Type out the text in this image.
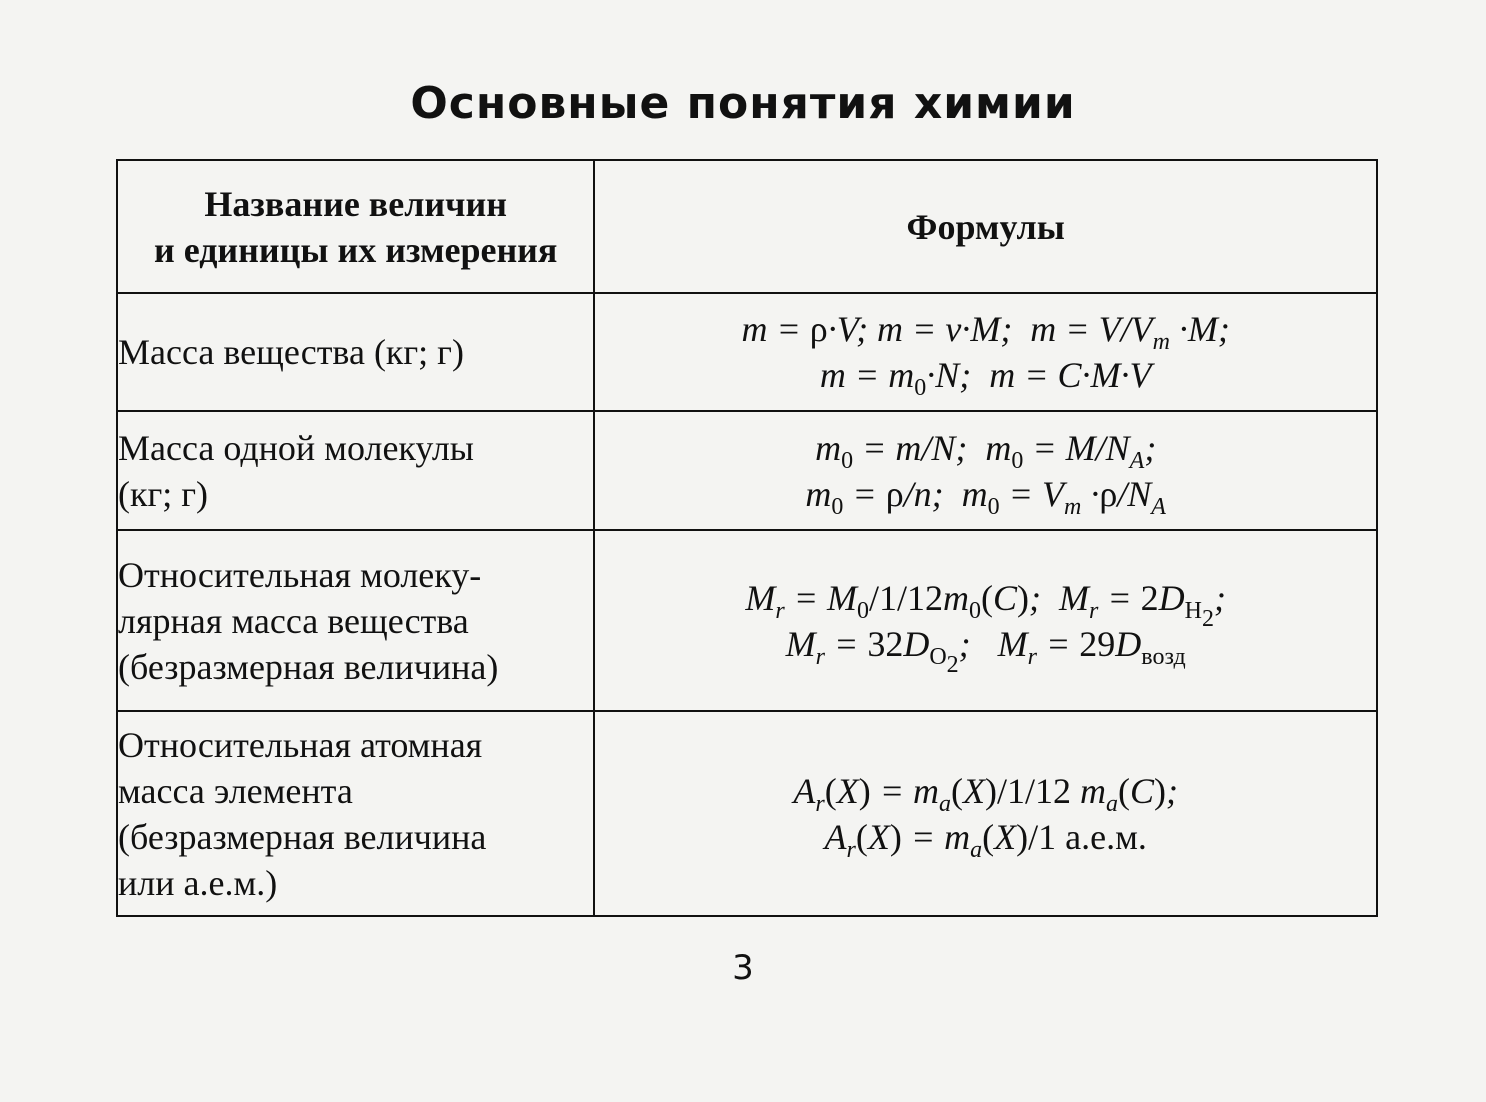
Основные понятия химии
Название величин
и единицы их измерения	Формулы

Масса вещества (кг; г)	m = ρ·V; m = ν·M;  $m = V/V_m \cdot M$;
$m = m_0\cdot N$;  m = C·M·V

Масса одной молекулы
(кг; г)	$m_0 = m/N$;  $m_0 = M/N_A$;
$m_0 = \rho/n$;  $m_0 = V_m \cdot\rho/N_A$

Относительная молеку-
лярная масса вещества
(безразмерная величина)	$M_r = M_0/1/12m_0(C)$;  $M_r = 2D_{H_2}$;
$M_r = 32D_{O_2}$;   $M_r = 29D_{возд}$

Относительная атомная
масса элемента
(безразмерная величина
или а.е.м.)	$A_r(X) = m_a(X)/1/12$ $m_a(C)$;
$A_r(X) = m_a(X)/1$ а.е.м.
3
